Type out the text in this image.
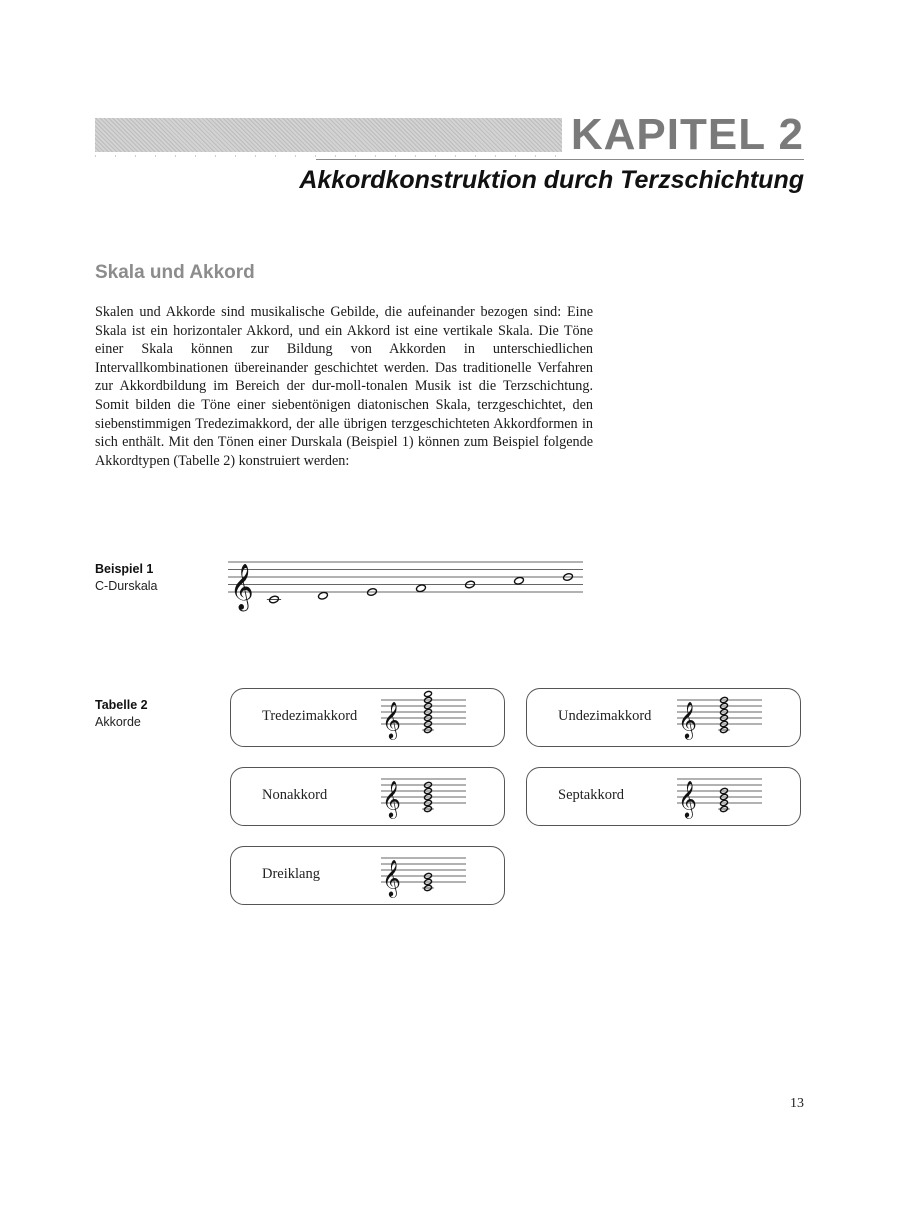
KAPITEL 2
Akkordkonstruktion durch Terzschichtung
Skala und Akkord

Skalen und Akkorde sind musikalische Gebilde, die aufeinander bezogen sind: Eine Skala ist ein horizontaler Akkord, und ein Akkord ist eine vertikale Skala. Die Töne einer Skala können zur Bildung von Akkorden in unterschiedlichen Intervallkombinationen übereinander geschichtet werden. Das traditionelle Verfahren zur Akkordbildung im Bereich der dur-moll-tonalen Musik ist die Terzschichtung. Somit bilden die Töne einer siebentönigen diatonischen Skala, terzgeschichtet, den siebenstimmigen Tredezimakkord, der alle übrigen terzgeschichteten Akkordformen in sich enthält. Mit den Tönen einer Durskala (Beispiel 1) können zum Beispiel folgende Akkordtypen (Tabelle 2) konstruiert werden:

Beispiel 1
C-Durskala 𝄞
Tabelle 2
Akkorde	Tredezimakkord 𝄞	Undezimakkord 𝄞
Nonakkord 𝄞	Septakkord 𝄞
Dreiklang 𝄞
13
